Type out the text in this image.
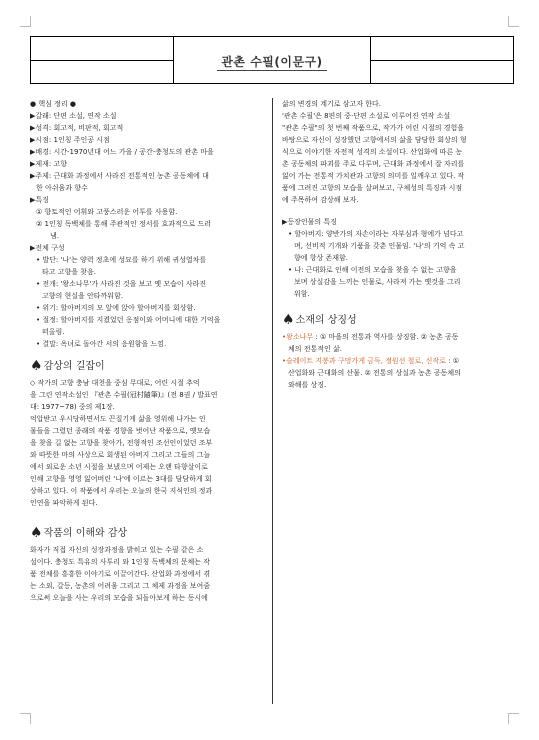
	관촌 수필(이문구)	

● 핵심 정리 ●
▶갈래: 단편 소설, 연작 소설
▶성격: 회고적, 비판적, 회고적
▶시점: 1인칭 주인공 시점
▶배경: 시간-1970년대 어느 가을 / 공간-충청도의 관촌 마을
▶제재: 고향
▶주제: 근대화 과정에서 사라진 전통적인 농촌 공동체에 대
한 아쉬움과 향수
▶특징
① 향토적인 어휘와 고풍스러운 어투를 사용함.
② 1인칭 독백체를 통해 주관적인 정서를 효과적으로 드러
냄.
▶전체 구성
• 발단: '나'는 양력 정초에 성묘를 하기 위해 귀성열차를
타고 고향을 찾음.
• 전개: '왕소나무'가 사라진 것을 보고 옛 모습이 사라진
고향의 현실을 안타까워함.
• 위기: 할아버지의 모 앞에 앉아 할아버지를 회상함.
• 절정: 할아버지를 지켰었던 옹점이와 어머니에 대한 기억을
떠올림.
• 결말: 옥녀로 돌아간 서의 응원함을 느낌.
♠감상의 길잡이
◇ 작가의 고향 충남 대천을 중심 무대로, 어린 시절 추억
을 그린 연작소설인 『관촌 수필(冠村隨筆)』(전 8권 / 발표연
대: 1977~78) 중의 제1장.
억압받고 우시당하면서도 끈질기게 삶을 영위해 나가는 인
물들을 그렸던 종래의 작품 경향을 벗어난 작품으로, 옛모습
을 찾을 길 없는 고향을 찾아가, 전형적인 조선인이었던 조부
와 따뜻한 마의 사상으로 회생된 아버지 그리고 그들의 그늘
에서 외로운 소년 시절을 보냈으며 어제는 오랜 타향살이로
인해 고향을 영영 잃어버린 '나'에 이르는 3대를 담담하게 회
상하고 있다. 이 작품에서 우리는 오늘의 한국 지식인의 정과
인연을 파악하게 된다.
♠작품의 이해와 감상
화자가 직접 자신의 성장과정을 밝히고 있는 수필 같은 소
설이다. 충청도 특유의 사투리 와 1인칭 독백체의 문체는 작
품 전체를 흥흥한 이야기로 이끌어간다. 산업화 과정에서 겪
는 소외, 갈등, 농촌의 어려움 그리고 그 체제 과정을 보여줌
으로써 오늘을 사는 우리의 모습을 되돌아보게 하는 동시에
삶의 변경의 계기로 삼고자 한다.
'관촌 수필'은 8편의 중·단편 소설로 이루어진 연작 소설
"관촌 수필"의 첫 번째 작품으로, 작가가 어린 시절의 경험을
바탕으로 자신이 성장했던 고향에서의 삶을 담담한 회상의 형
식으로 이야기한 자전적 성격의 소설이다. 산업화에 따른 농
촌 공동체의 파괴를 주로 다루며, 근대화 과정에서 잘 자리를
잃어 가는 전통적 가치관과 고향의 의미를 일깨우고 있다. 작
품에 그려진 고향의 모습을 살펴보고, 구체성의 특징과 시점
에 주목하여 감상해 보자.
▶등장인물의 특징
• 할아버지: 양반가의 자손이라는 자부심과 형에가 넘다고
며, 선비적 기개와 기품을 갖춘 인물임. '나'의 기억 속 고
향에 항상 존재함.
• 나: 근대화로 인해 이전의 모습을 찾을 수 없는 고향을
보며 상실감을 느끼는 인물로, 사라져 가는 옛것을 그리
워함.
♠소재의 상징성
•왕소나무 : ① 마을의 전통과 역사를 상징함. ② 농촌 공동
체의 전통적인 삶.
•슬레이트 지붕과 구멍가게 금득, 정원선 철로, 신작로 : ①
산업화와 근대화의 산물. ② 전통의 상실과 농촌 공동체의
와해를 상징.
